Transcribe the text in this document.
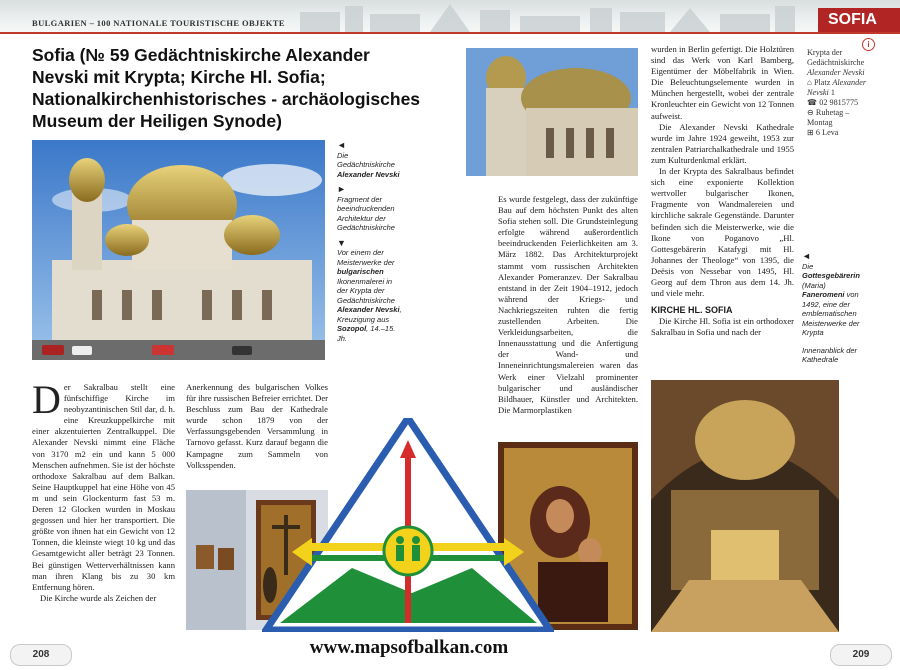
BULGARIEN – 100 NATIONALE TOURISTISCHE OBJEKTE	SOFIA
Sofia (№ 59 Gedächtniskirche Alexander Nevski mit Krypta; Kirche Hl. Sofia; Nationalkirchenhistorisches - archäologisches Museum der Heiligen Synode)
◄
Die Gedächtniskirche Alexander Nevski
►
Fragment der beeindruckenden Architektur der Gedächtniskirche
▼
Vor einem der Meisterwerke der bulgarischen Ikonenmalerei in der Krypta der Gedächtniskirche Alexander Nevski, Kreuzigung aus Sozopol, 14.–15. Jh.
Der Sakralbau stellt eine fünfschiffige Kirche im neobyzantinischen Stil dar, d. h. eine Kreuzkuppelkirche mit einer akzentuierten Zentralkuppel. Die Alexander Nevski nimmt eine Fläche von 3170 m2 ein und kann 5 000 Menschen aufnehmen. Sie ist der höchste orthodoxe Sakralbau auf dem Balkan. Seine Hauptkuppel hat eine Höhe von 45 m und sein Glockenturm fast 53 m. Deren 12 Glocken wurden in Moskau gegossen und hier her transportiert. Die größte von ihnen hat ein Gewicht von 12 Tonnen, die kleinste wiegt 10 kg und das Gesamtgewicht aller beträgt 23 Tonnen. Bei günstigen Wetterverhältnissen kann man ihren Klang bis zu 30 km Entfernung hören.
Die Kirche wurde als Zeichen der
Anerkennung des bulgarischen Volkes für ihre russischen Befreier errichtet. Der Beschluss zum Bau der Kathedrale wurde schon 1879 von der Verfassungsgebenden Versammlung in Tarnovo gefasst. Kurz darauf begann die Kampagne zum Sammeln von Volksspenden.
Es wurde festgelegt, dass der zukünftige Bau auf dem höchsten Punkt des alten Sofia stehen soll. Die Grundsteinlegung erfolgte während außerordentlich beeindruckenden Feierlichkeiten am 3. März 1882. Das Architekturprojekt stammt vom russischen Architekten Alexander Pomeranzev. Der Sakralbau entstand in der Zeit 1904–1912, jedoch während der Kriegs- und Nachkriegszeiten ruhten die fertig zustellenden Arbeiten. Die Verkleidungsarbeiten, die Innenausstattung und die Anfertigung der Wand- und Inneneinrichtungsmalereien waren das Werk einer Vielzahl prominenter bulgarischer und ausländischer Bildhauer, Künstler und Architekten. Die Marmorplastiken
wurden in Berlin gefertigt. Die Holztüren sind das Werk von Karl Bamberg, Eigentümer der Möbelfabrik in Wien. Die Beleuchtungselemente wurden in München hergestellt, wobei der zentrale Kronleuchter ein Gewicht von 12 Tonnen aufweist.
Die Alexander Nevski Kathedrale wurde im Jahre 1924 geweiht, 1953 zur zentralen Patriarchalkathedrale und 1955 zum Kulturdenkmal erklärt.
In der Krypta des Sakralbaus befindet sich eine exponierte Kollektion wertvoller bulgarischer Ikonen, Fragmente von Wandmalereien und kirchliche sakrale Gegenstände. Darunter befinden sich die Meisterwerke, wie die Ikone von Poganovo „Hl. Gottesgebärerin Katafygi mit Hl. Johannes der Theologe“ von 1395, die Deësis von Nessebar von 1495, Hl. Georg auf dem Thron aus dem 14. Jh. und viele mehr.
KIRCHE HL. SOFIA
Die Kirche Hl. Sofia ist ein orthodoxer Sakralbau in Sofia und nach der
◄
Die Gottesgebärerin (Maria) Faneromeni von 1492, eine der emblematischen Meisterwerke der Krypta
Innenanblick der Kathedrale
i
Krypta der Gedächtniskirche Alexander Nevski
⌂ Platz Alexander Nevski 1
☎ 02 9815775
⊖ Ruhetag – Montag
⊞ 6 Leva
www.mapsofbalkan.com
208	209
